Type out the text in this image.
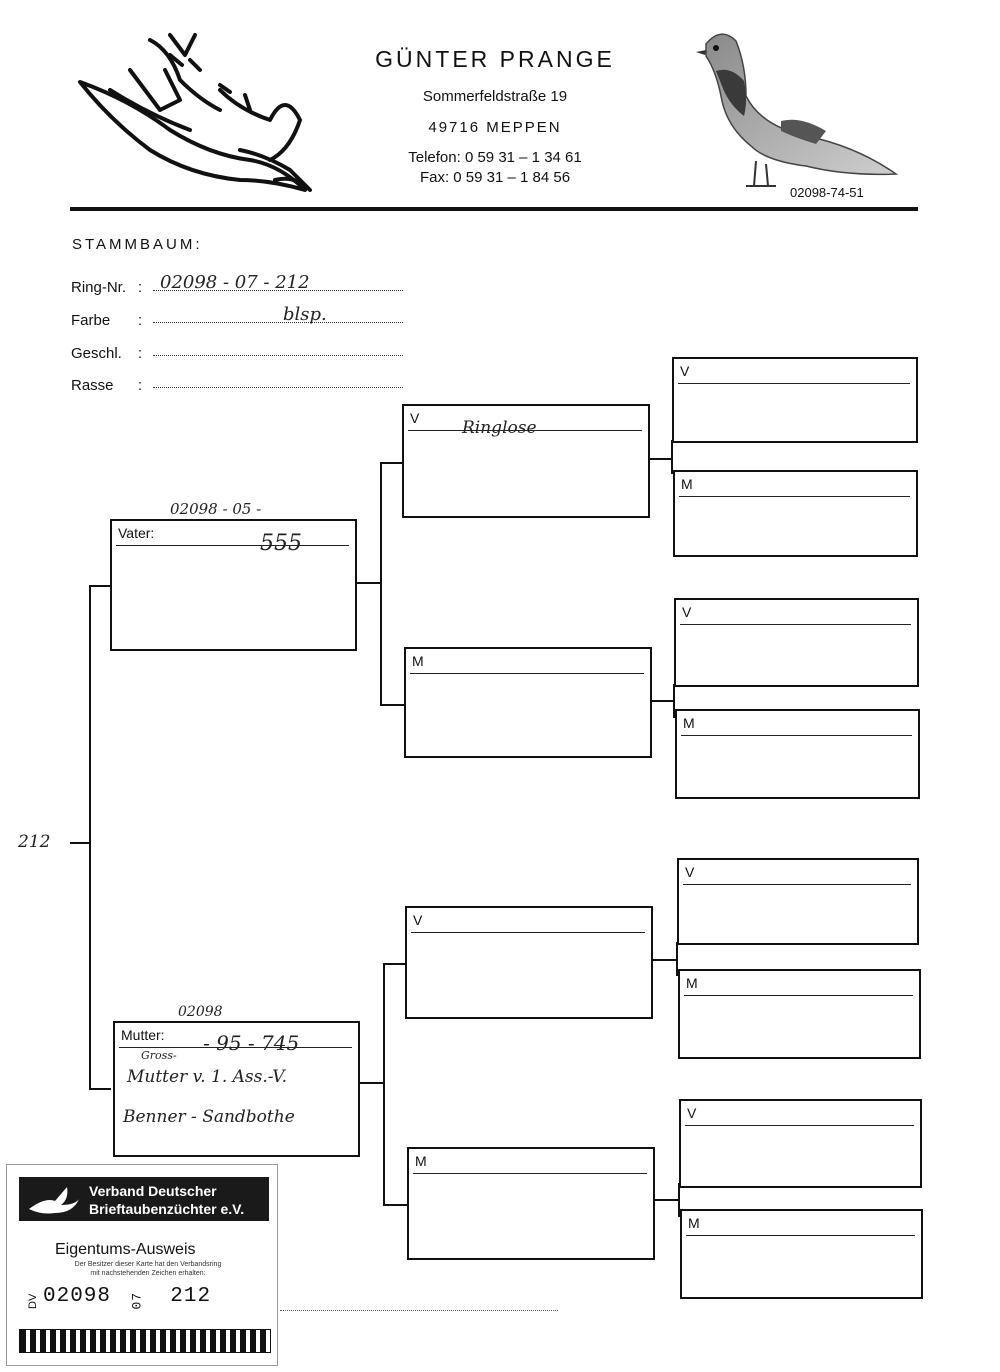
GÜNTER PRANGE
Sommerfeldstraße 19
49716 MEPPEN
Telefon: 0 59 31 – 1 34 61
Fax: 0 59 31 – 1 84 56
02098-74-51
STAMMBAUM:
Ring-Nr. : 02098 - 07 - 212
Farbe :	blsp.
Geschl. :
Rasse :
212
02098 - 05 -
Vater:	555
V	Ringlose
M
V
M
V
M
02098
Mutter: - 95 - 745
Gross-
Mutter v. 1. Ass.-V.
Benner - Sandbothe
V
M
V
M
V
M
Verband Deutscher
Brieftaubenzüchter e.V.
Eigentums-Ausweis
Der Besitzer dieser Karte hat den Verbandsring
mit nachstehenden Zeichen erhalten:
DV 02098 07 212
